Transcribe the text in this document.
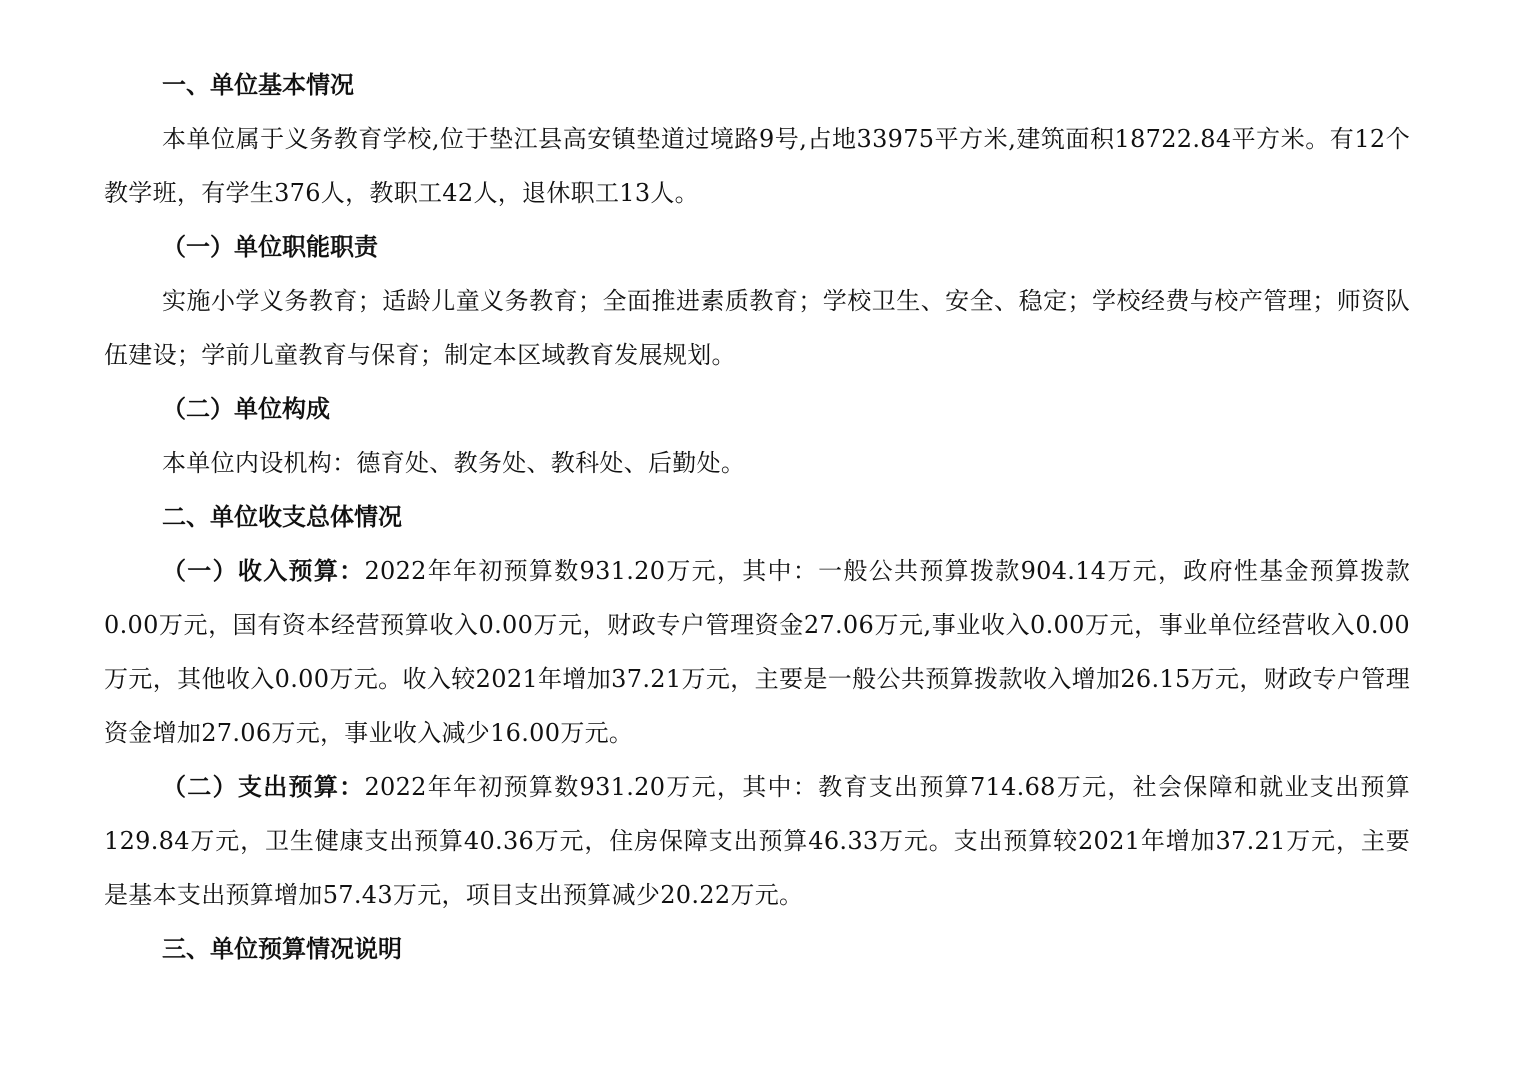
一、单位基本情况
本单位属于义务教育学校,位于垫江县高安镇垫道过境路9号,占地33975平方米,建筑面积18722.84平方米。有12个教学班，有学生376人，教职工42人，退休职工13人。
（一）单位职能职责
实施小学义务教育；适龄儿童义务教育；全面推进素质教育；学校卫生、安全、稳定；学校经费与校产管理；师资队伍建设；学前儿童教育与保育；制定本区域教育发展规划。
（二）单位构成
本单位内设机构：德育处、教务处、教科处、后勤处。
二、单位收支总体情况
（一）收入预算：2022年年初预算数931.20万元，其中：一般公共预算拨款904.14万元，政府性基金预算拨款0.00万元，国有资本经营预算收入0.00万元，财政专户管理资金27.06万元,事业收入0.00万元，事业单位经营收入0.00万元，其他收入0.00万元。收入较2021年增加37.21万元，主要是一般公共预算拨款收入增加26.15万元，财政专户管理资金增加27.06万元，事业收入减少16.00万元。
（二）支出预算：2022年年初预算数931.20万元，其中：教育支出预算714.68万元，社会保障和就业支出预算129.84万元，卫生健康支出预算40.36万元，住房保障支出预算46.33万元。支出预算较2021年增加37.21万元，主要是基本支出预算增加57.43万元，项目支出预算减少20.22万元。
三、单位预算情况说明
